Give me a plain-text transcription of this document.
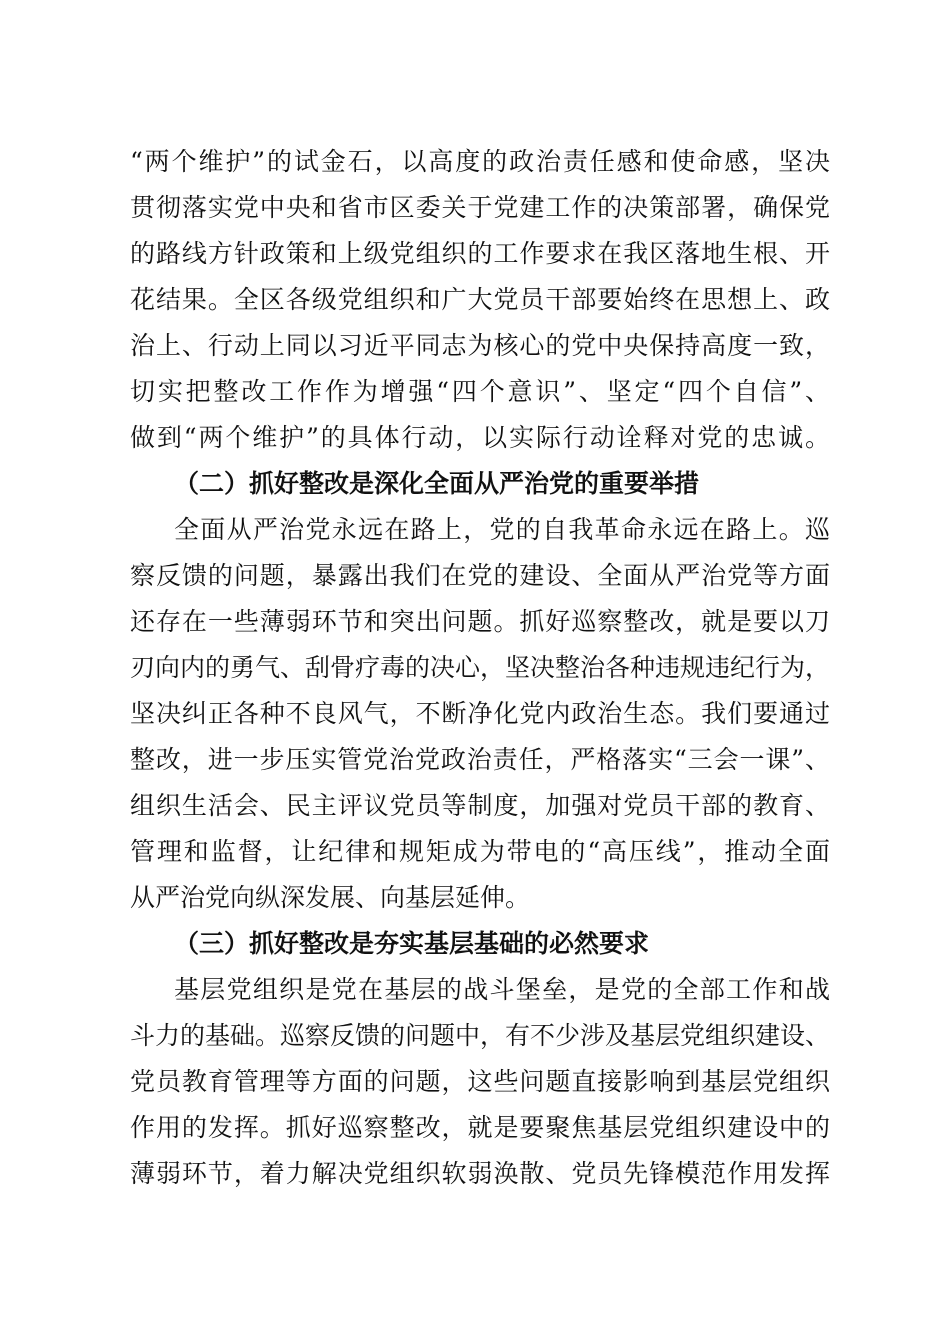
“两个维护”的试金石，以高度的政治责任感和使命感，坚决
贯彻落实党中央和省市区委关于党建工作的决策部署，确保党
的路线方针政策和上级党组织的工作要求在我区落地生根、开
花结果。全区各级党组织和广大党员干部要始终在思想上、政
治上、行动上同以习近平同志为核心的党中央保持高度一致，
切实把整改工作作为增强“四个意识”、坚定“四个自信”、
做到“两个维护”的具体行动，以实际行动诠释对党的忠诚。
（二）抓好整改是深化全面从严治党的重要举措
全面从严治党永远在路上，党的自我革命永远在路上。巡
察反馈的问题，暴露出我们在党的建设、全面从严治党等方面
还存在一些薄弱环节和突出问题。抓好巡察整改，就是要以刀
刃向内的勇气、刮骨疗毒的决心，坚决整治各种违规违纪行为，
坚决纠正各种不良风气，不断净化党内政治生态。我们要通过
整改，进一步压实管党治党政治责任，严格落实“三会一课”、
组织生活会、民主评议党员等制度，加强对党员干部的教育、
管理和监督，让纪律和规矩成为带电的“高压线”，推动全面
从严治党向纵深发展、向基层延伸。
（三）抓好整改是夯实基层基础的必然要求
基层党组织是党在基层的战斗堡垒，是党的全部工作和战
斗力的基础。巡察反馈的问题中，有不少涉及基层党组织建设、
党员教育管理等方面的问题，这些问题直接影响到基层党组织
作用的发挥。抓好巡察整改，就是要聚焦基层党组织建设中的
薄弱环节，着力解决党组织软弱涣散、党员先锋模范作用发挥
